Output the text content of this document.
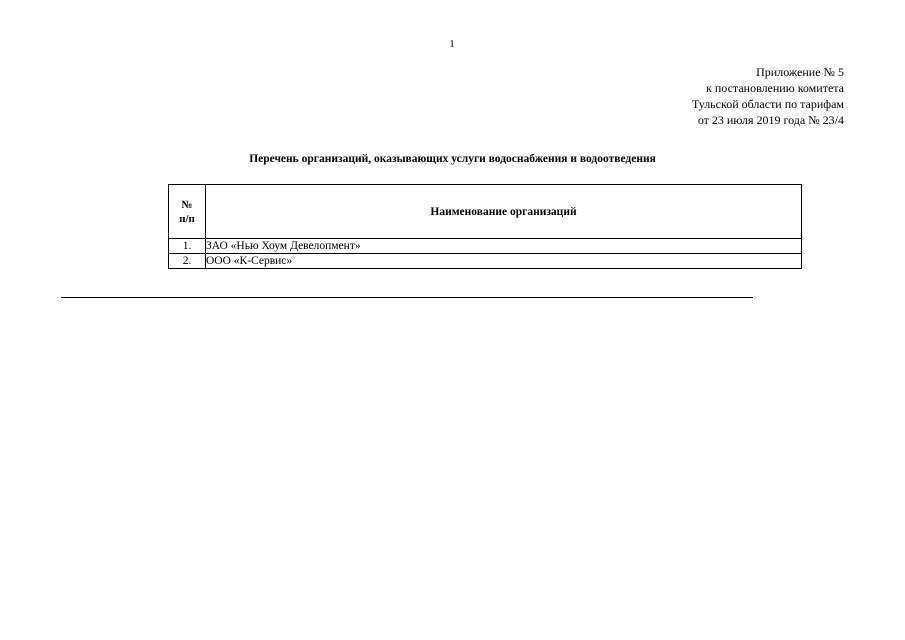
1
Приложение № 5
к постановлению комитета
Тульской области по тарифам
от 23 июля 2019 года № 23/4
Перечень организаций, оказывающих услуги водоснабжения и водоотведения
№
п/п	Наименование организаций
1.	ЗАО «Нью Хоум Девелопмент»
2.	ООО «К-Сервис»
